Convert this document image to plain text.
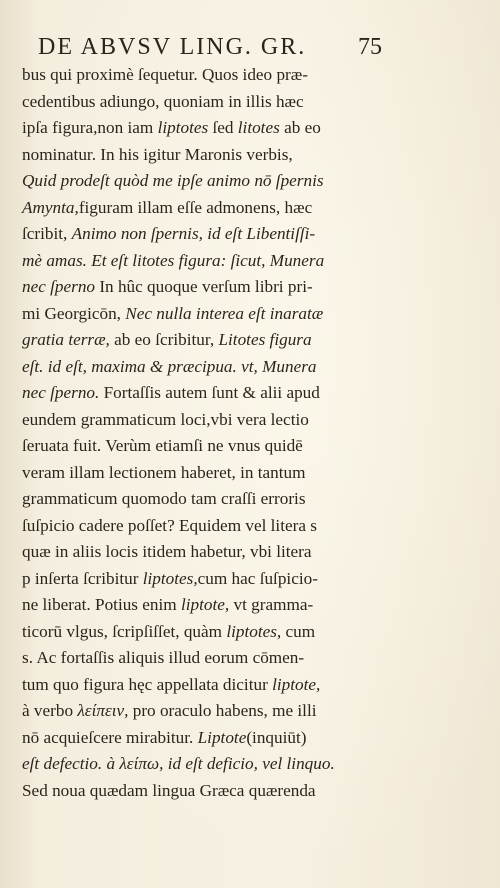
DE ABVSV LING. GR. 75
bus qui proximè ſequetur. Quos ideo præ-
cedentibus adiungo, quoniam in illis hæc
ipſa figura,non iam liptotes ſed litotes ab eo
nominatur. In his igitur Maronis verbis,
Quid prodeſt quòd me ipſe animo nō ſpernis
Amynta,figuram illam eſſe admonens, hæc
ſcribit, Animo non ſpernis, id eſt Libentiſſi-
mè amas. Et eſt litotes figura: ſicut, Munera
nec ſperno In hûc quoque verſum libri pri-
mi Georgicōn, Nec nulla interea eſt inaratæ
gratia terræ, ab eo ſcribitur, Litotes figura
eſt. id eſt, maxima & præcipua. vt, Munera
nec ſperno. Fortaſſis autem ſunt & alii apud
eundem grammaticum loci,vbi vera lectio
ſeruata fuit. Verùm etiamſi ne vnus quidē
veram illam lectionem haberet, in tantum
grammaticum quomodo tam craſſi erroris
ſuſpicio cadere poſſet? Equidem vel litera s
quæ in aliis locis itidem habetur, vbi litera
p inſerta ſcribitur liptotes,cum hac ſuſpicio-
ne liberat. Potius enim liptote, vt gramma-
ticorū vlgus, ſcripſiſſet, quàm liptotes, cum
s. Ac fortaſſis aliquis illud eorum cōmen-
tum quo figura hęc appellata dicitur liptote,
à verbo λείπειν, pro oraculo habens, me illi
nō acquieſcere mirabitur. Liptote(inquiūt)
eſt defectio. à λείπω, id eſt deficio, vel linquo.
Sed noua quædam lingua Græca quærenda
